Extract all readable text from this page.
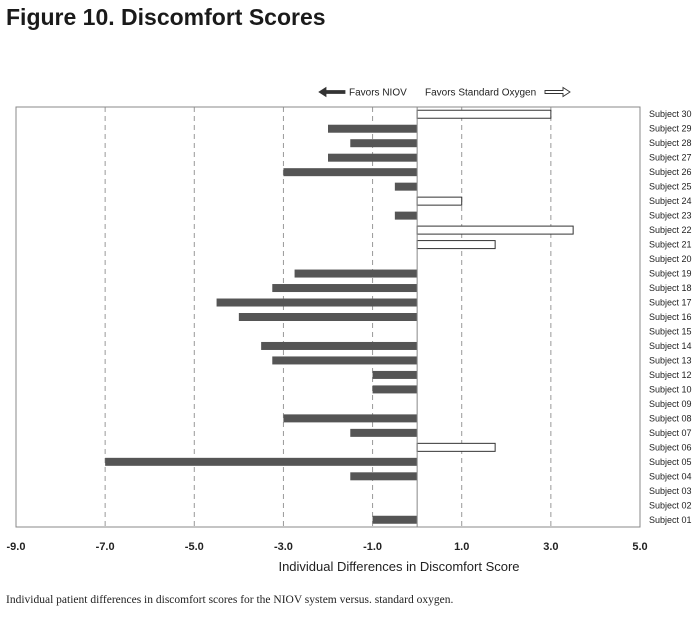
Figure 10. Discomfort Scores
-9.0	-7.0	-5.0	-3.0	-1.0	1.0	3.0	5.0
Subject 30
Subject 29
Subject 28
Subject 27
Subject 26
Subject 25
Subject 24
Subject 23
Subject 22
Subject 21
Subject 20
Subject 19
Subject 18
Subject 17
Subject 16
Subject 15
Subject 14
Subject 13
Subject 12
Subject 10
Subject 09
Subject 08
Subject 07
Subject 06
Subject 05
Subject 04
Subject 03
Subject 02
Subject 01
Favors NIOV Favors Standard Oxygen
Individual Differences in Discomfort Score
Individual patient differences in discomfort scores for the NIOV system versus. standard oxygen.
